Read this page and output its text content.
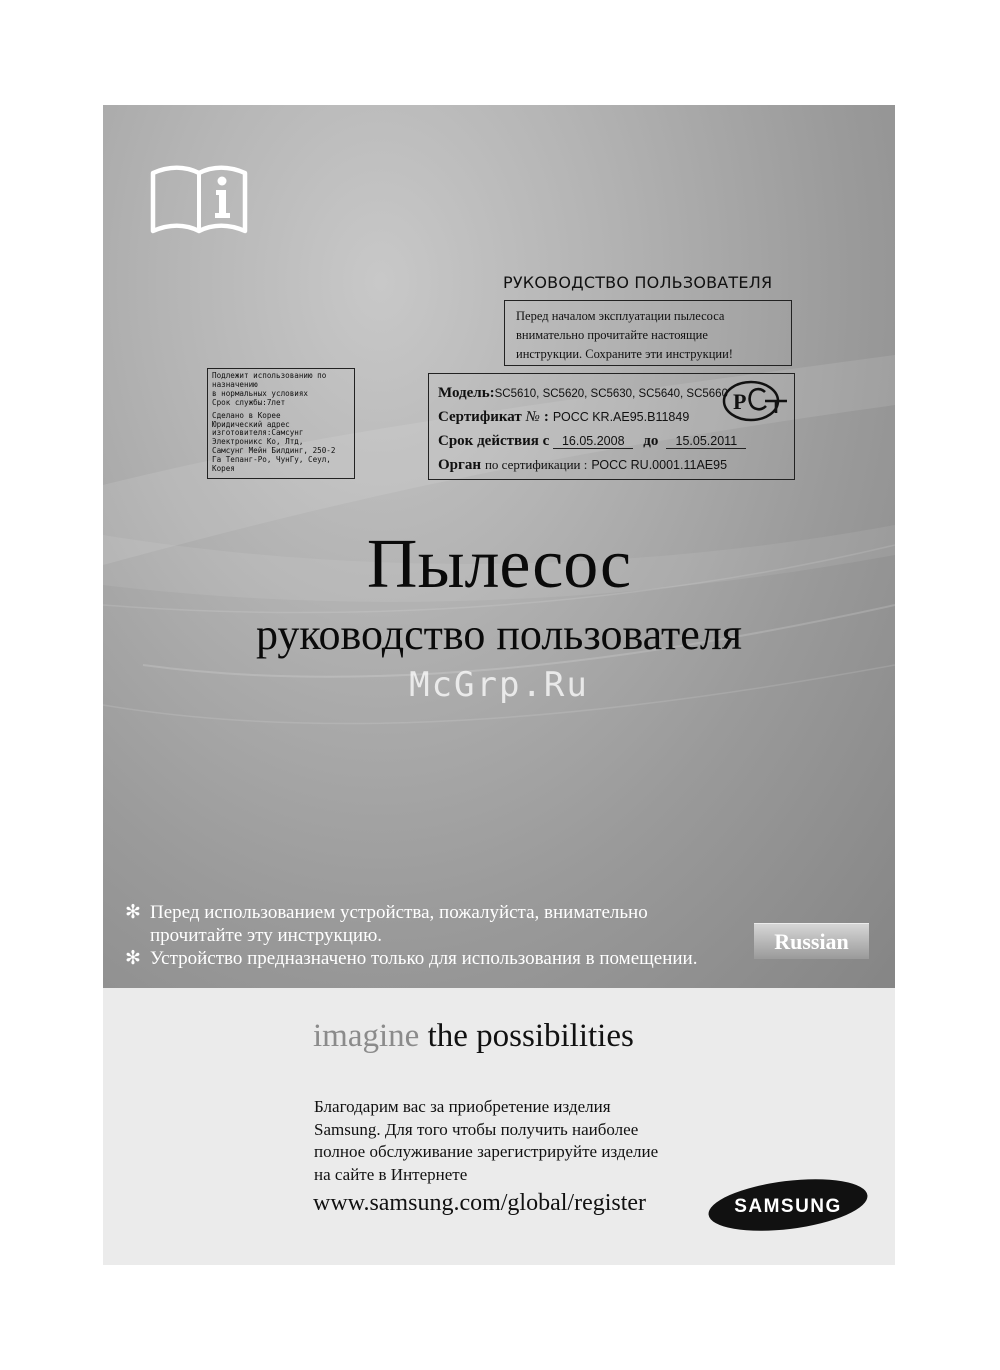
РУКОВОДСТВО ПОЛЬЗОВАТЕЛЯ
Перед началом эксплуатации пылесоса
внимательно прочитайте настоящие
инструкции. Сохраните эти инструкции!
Подлежит использованию по
назначению
в нормальных условиях
Срок службы:7лет
Сделано в Корее
Юридический адрес
изготовителя:Самсунг
Электроникс Ко, Лтд,
Самсунг Мейн Билдинг, 250-2
Га Тепанг-Ро, ЧунГу, Сеул,
Корея
Модель:SC5610, SC5620, SC5630, SC5640, SC5660
Сертификат № : РОСС KR.AE95.B11849
Срок действия с 16.05.2008 до 15.05.2011
Орган по сертификации : РОСС RU.0001.11AE95
Р
Пылесос
руководство пользователя
McGrp.Ru
✻ Перед использованием устройства, пожалуйста, внимательно
прочитайте эту инструкцию.
✻ Устройство предназначено только для использования в помещении.
Russian
imagine the possibilities
Благодарим вас за приобретение изделия
Samsung. Для того чтобы получить наиболее
полное обслуживание зарегистрируйте изделие
на сайте в Интернете
www.samsung.com/global/register	SAMSUNG
